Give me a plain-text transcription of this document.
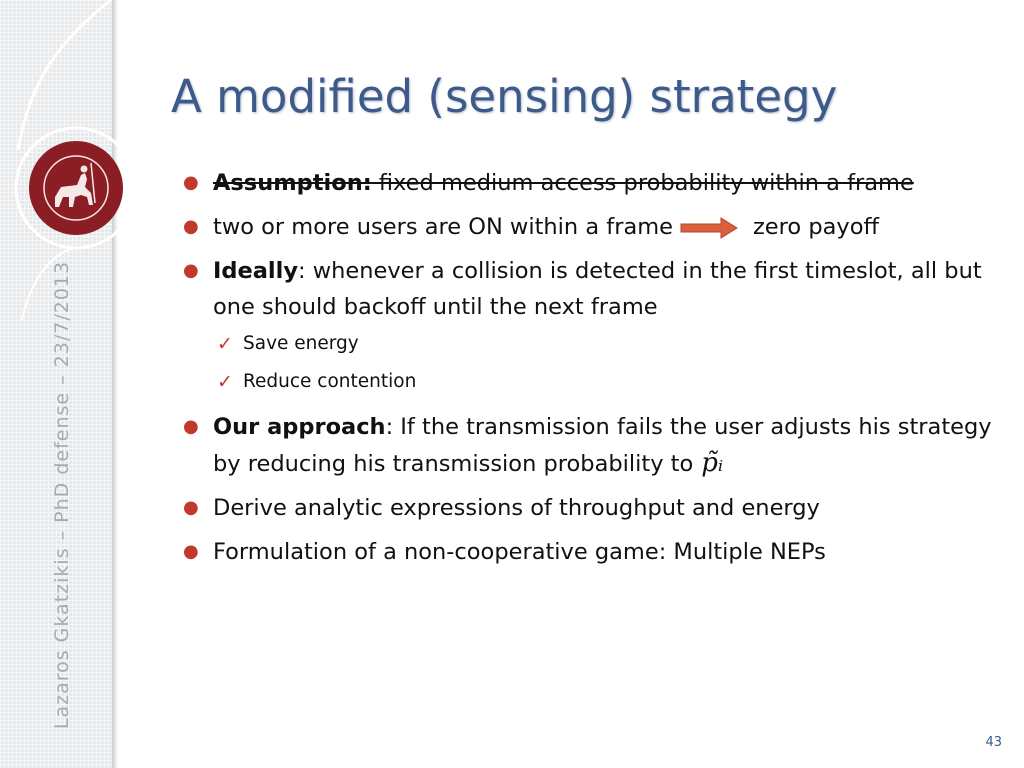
Lazaros Gkatzikis – PhD defense – 23/7/2013
A modified (sensing) strategy
● Assumption: fixed medium access probability within a frame
● two or more users are ON within a frame	zero payoff
● Ideally: whenever a collision is detected in the first timeslot, all but one should backoff until the next frame
✓ Save energy
✓ Reduce contention
● Our approach: If the transmission fails the user adjusts his strategy by reducing his transmission probability to p̃ᵢ
● Derive analytic expressions of throughput and energy
● Formulation of a non-cooperative game: Multiple NEPs
43
